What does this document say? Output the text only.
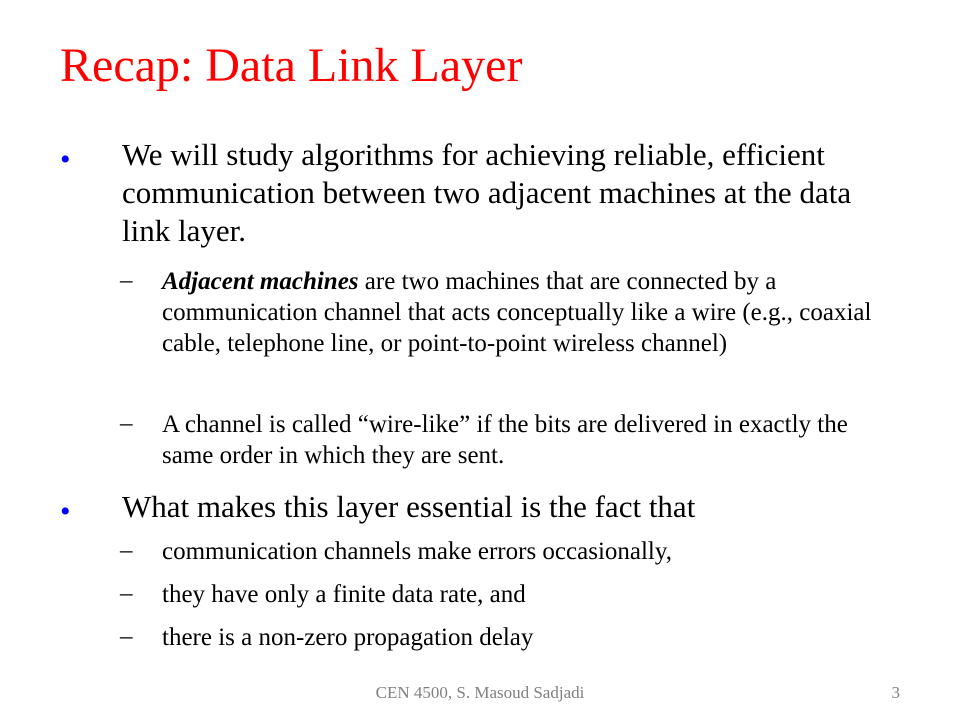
Recap: Data Link Layer
• We will study algorithms for achieving reliable, efficient communication between two adjacent machines at the data link layer.
– Adjacent machines are two machines that are connected by a communication channel that acts conceptually like a wire (e.g., coaxial cable, telephone line, or point-to-point wireless channel)
– A channel is called “wire-like” if the bits are delivered in exactly the same order in which they are sent.
• What makes this layer essential is the fact that
– communication channels make errors occasionally,
– they have only a finite data rate, and
– there is a non-zero propagation delay
CEN 4500, S. Masoud Sadjadi	3
